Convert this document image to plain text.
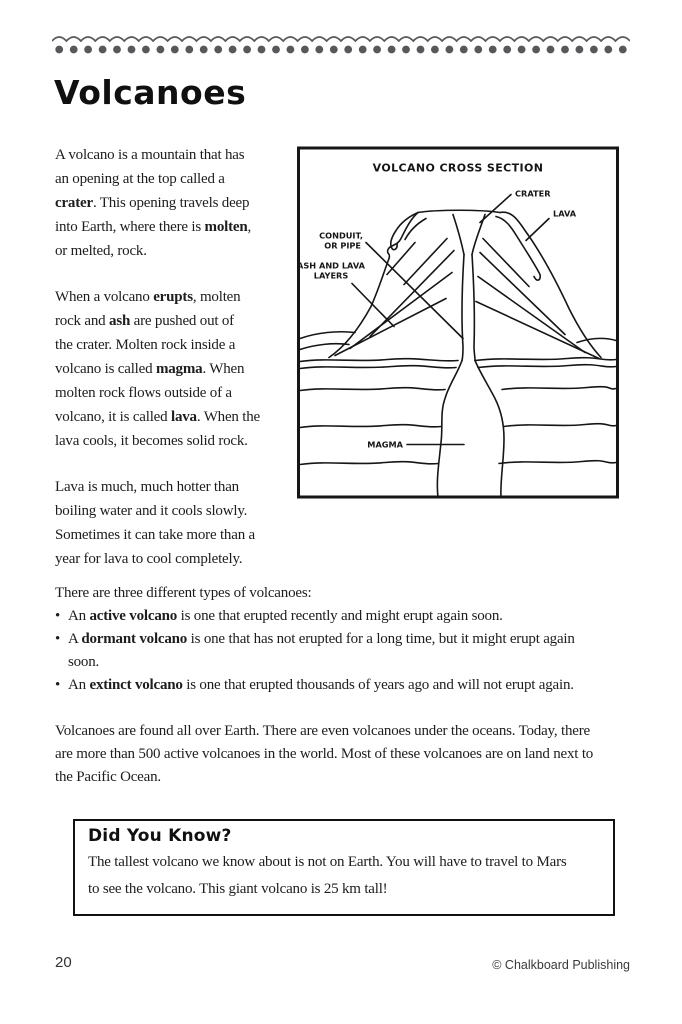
Volcanoes

A volcano is a mountain that has
an opening at the top called a
crater. This opening travels deep
into Earth, where there is molten,
or melted, rock.

When a volcano erupts, molten
rock and ash are pushed out of
the crater. Molten rock inside a
volcano is called magma. When
molten rock flows outside of a
volcano, it is called lava. When the
lava cools, it becomes solid rock.

Lava is much, much hotter than
boiling water and it cools slowly.
Sometimes it can take more than a
year for lava to cool completely.

VOLCANO CROSS SECTION
CRATER
LAVA
CONDUIT,
OR PIPE
ASH AND LAVA
LAYERS
MAGMA

There are three different types of volcanoes:

• An active volcano is one that erupted recently and might erupt again soon.
• A dormant volcano is one that has not erupted for a long time, but it might erupt again
soon.
• An extinct volcano is one that erupted thousands of years ago and will not erupt again.

Volcanoes are found all over Earth. There are even volcanoes under the oceans. Today, there
are more than 500 active volcanoes in the world. Most of these volcanoes are on land next to
the Pacific Ocean.

Did You Know?

The tallest volcano we know about is not on Earth. You will have to travel to Mars
to see the volcano. This giant volcano is 25 km tall!

20	© Chalkboard Publishing
